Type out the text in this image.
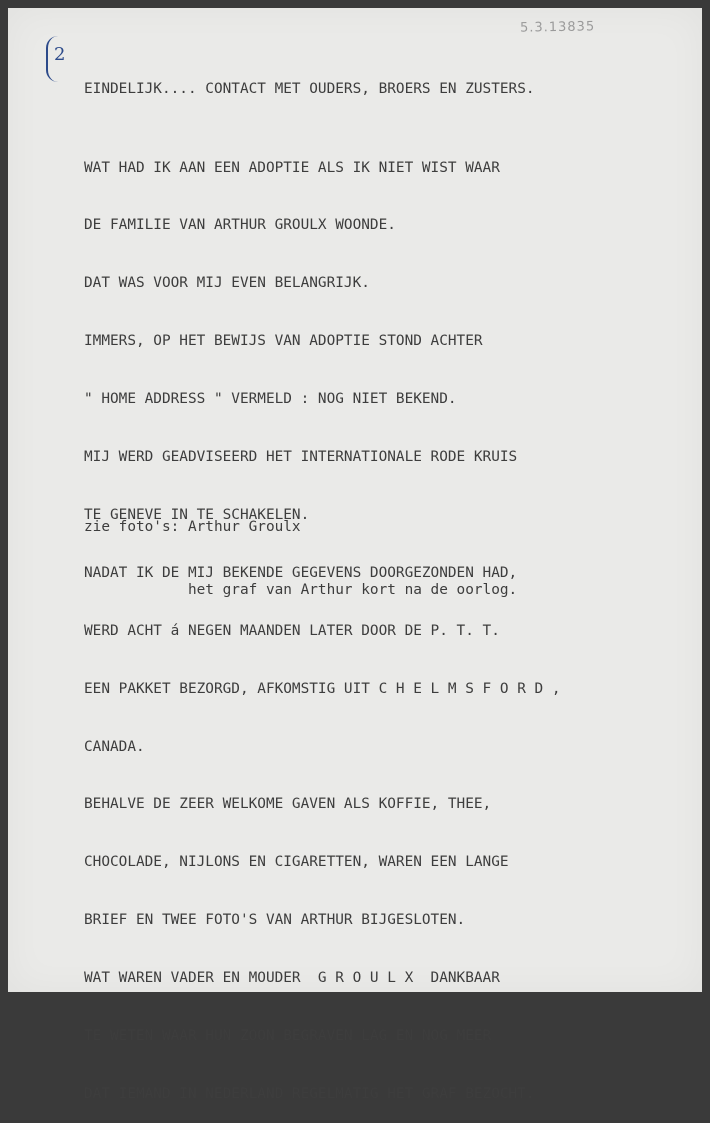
5.3.13835
2

EINDELIJK.... CONTACT MET OUDERS, BROERS EN ZUSTERS.

WAT HAD IK AAN EEN ADOPTIE ALS IK NIET WIST WAAR

DE FAMILIE VAN ARTHUR GROULX WOONDE.

DAT WAS VOOR MIJ EVEN BELANGRIJK.

IMMERS, OP HET BEWIJS VAN ADOPTIE STOND ACHTER

" HOME ADDRESS " VERMELD : NOG NIET BEKEND.

MIJ WERD GEADVISEERD HET INTERNATIONALE RODE KRUIS

TE GENEVE IN TE SCHAKELEN.

NADAT IK DE MIJ BEKENDE GEGEVENS DOORGEZONDEN HAD,

WERD ACHT á NEGEN MAANDEN LATER DOOR DE P. T. T.

EEN PAKKET BEZORGD, AFKOMSTIG UIT C H E L M S F O R D ,

CANADA.

BEHALVE DE ZEER WELKOME GAVEN ALS KOFFIE, THEE,

CHOCOLADE, NIJLONS EN CIGARETTEN, WAREN EEN LANGE

BRIEF EN TWEE FOTO'S VAN ARTHUR BIJGESLOTEN.

WAT WAREN VADER EN MOUDER  G R O U L X  DANKBAAR

TE WETEN WAAR HUN ZOON BEGRAVEN LAG EN NOG MEER

DAT IEMAND IN NEDERLAND REGELMATIG HET GRAF BEZOCHT.

zie foto's: Arthur Groulx

het graf van Arthur kort na de oorlog.
